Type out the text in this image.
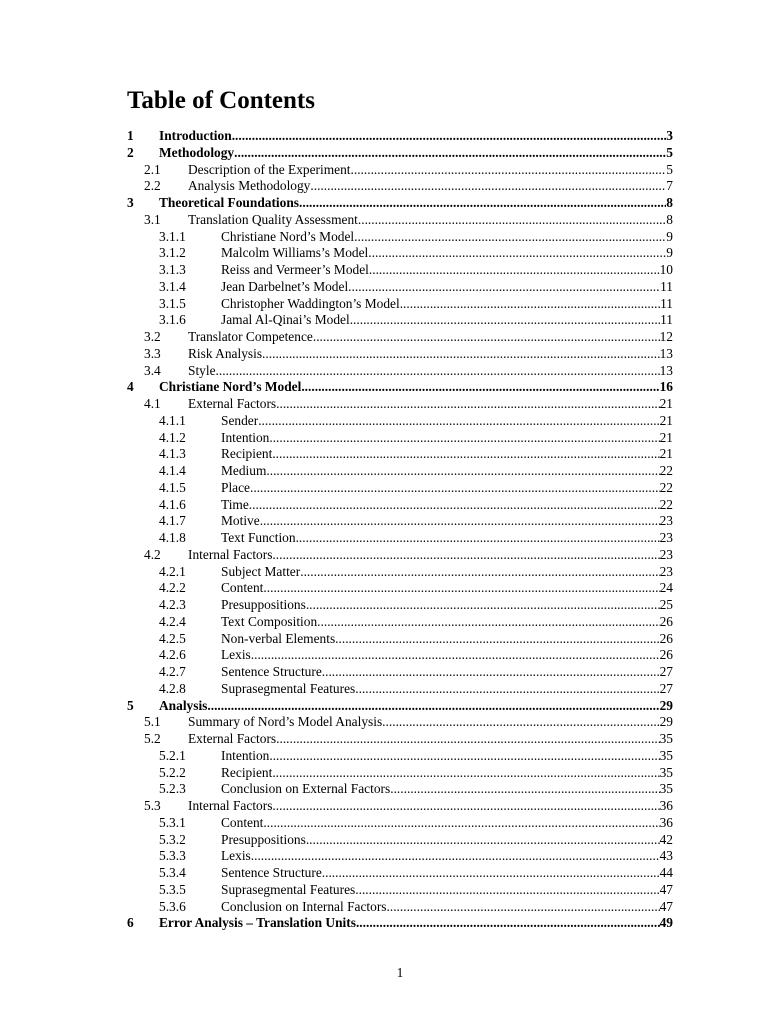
Table of Contents
1	Introduction .....	3
2	Methodology .....	5
2.1	Description of the Experiment .....	5
2.2	Analysis Methodology .....	7
3	Theoretical Foundations .....	8
3.1	Translation Quality Assessment .....	8
3.1.1	Christiane Nord’s Model .....	9
3.1.2	Malcolm Williams’s Model .....	9
3.1.3	Reiss and Vermeer’s Model .....	10
3.1.4	Jean Darbelnet’s Model .....	11
3.1.5	Christopher Waddington’s Model .....	11
3.1.6	Jamal Al-Qinai’s Model .....	11
3.2	Translator Competence .....	12
3.3	Risk Analysis .....	13
3.4	Style .....	13
4	Christiane Nord’s Model .....	16
4.1	External Factors .....	21
4.1.1	Sender .....	21
4.1.2	Intention .....	21
4.1.3	Recipient .....	21
4.1.4	Medium .....	22
4.1.5	Place .....	22
4.1.6	Time .....	22
4.1.7	Motive .....	23
4.1.8	Text Function .....	23
4.2	Internal Factors .....	23
4.2.1	Subject Matter .....	23
4.2.2	Content .....	24
4.2.3	Presuppositions .....	25
4.2.4	Text Composition .....	26
4.2.5	Non-verbal Elements .....	26
4.2.6	Lexis .....	26
4.2.7	Sentence Structure .....	27
4.2.8	Suprasegmental Features .....	27
5	Analysis .....	29
5.1	Summary of Nord’s Model Analysis .....	29
5.2	External Factors .....	35
5.2.1	Intention .....	35
5.2.2	Recipient .....	35
5.2.3	Conclusion on External Factors .....	35
5.3	Internal Factors .....	36
5.3.1	Content .....	36
5.3.2	Presuppositions .....	42
5.3.3	Lexis .....	43
5.3.4	Sentence Structure .....	44
5.3.5	Suprasegmental Features .....	47
5.3.6	Conclusion on Internal Factors .....	47
6	Error Analysis – Translation Units .....	49
1
